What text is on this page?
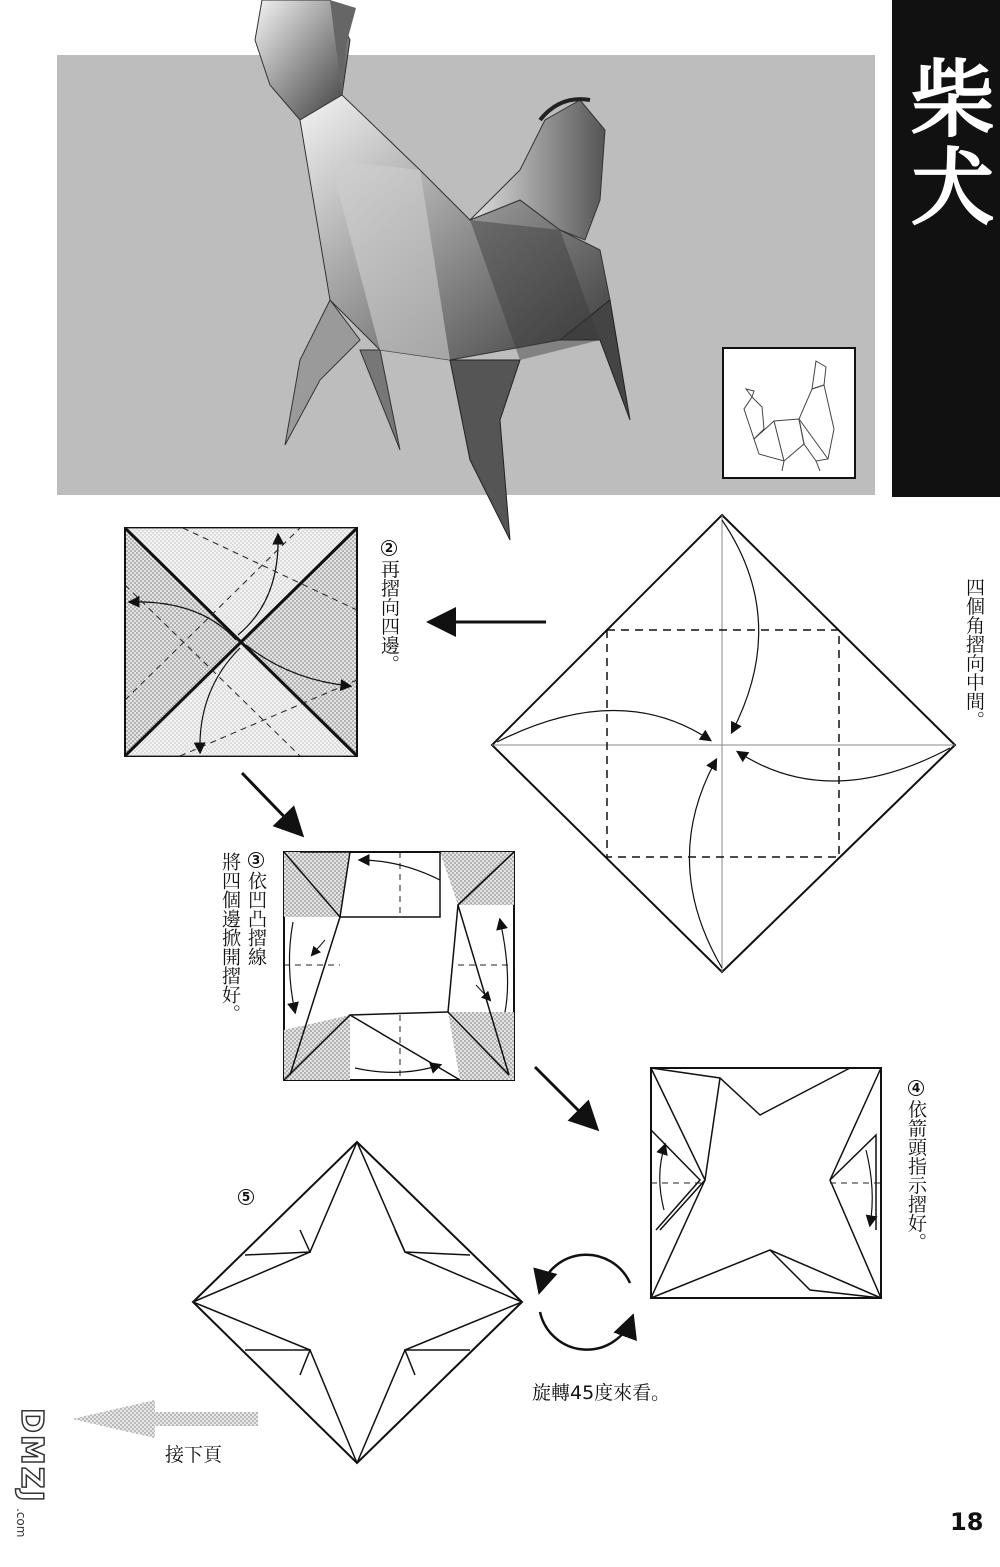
柴犬

四個角摺向中間。

2再摺向四邊。

3依凹凸摺線
將四個邊掀開摺好。

4依箭頭指示摺好。

5
旋轉45度來看。
接下頁
18
DMZJ.com
